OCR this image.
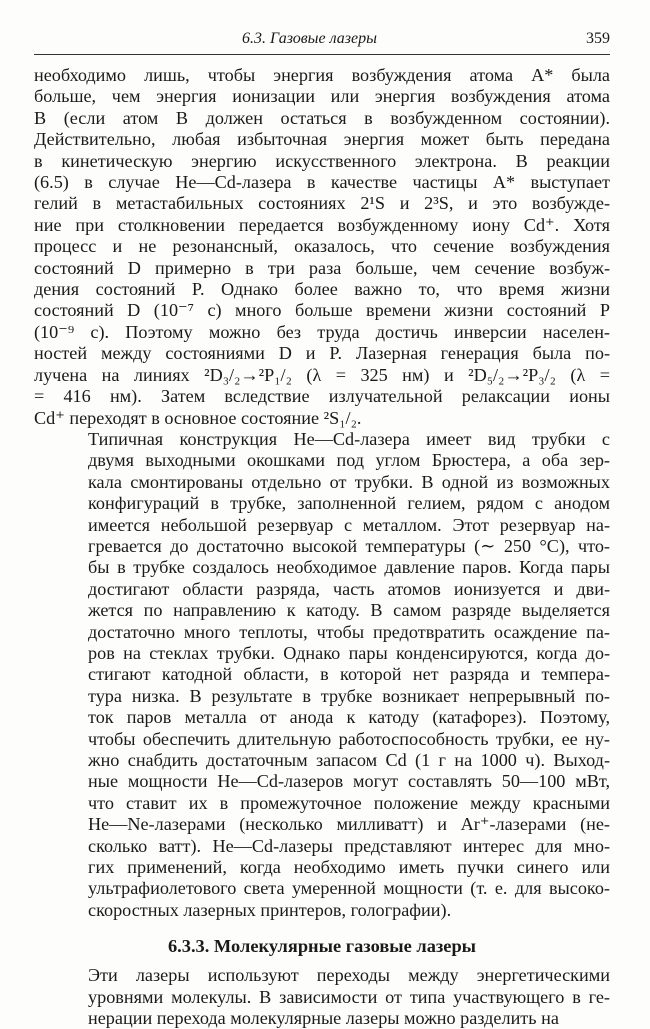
6.3. Газовые лазеры	359
необходимо лишь, чтобы энергия возбуждения атома A* была
больше, чем энергия ионизации или энергия возбуждения атома
B (если атом B должен остаться в возбужденном состоянии).
Действительно, любая избыточная энергия может быть передана
в кинетическую энергию искусственного электрона. В реакции
(6.5) в случае He—Cd-лазера в качестве частицы A* выступает
гелий в метастабильных состояниях 2¹S и 2³S, и это возбужде-
ние при столкновении передается возбужденному иону Cd⁺. Хотя
процесс и не резонансный, оказалось, что сечение возбуждения
состояний D примерно в три раза больше, чем сечение возбуж-
дения состояний P. Однако более важно то, что время жизни
состояний D (10⁻⁷ с) много больше времени жизни состояний P
(10⁻⁹ с). Поэтому можно без труда достичь инверсии населен-
ностей между состояниями D и P. Лазерная генерация была по-
лучена на линиях ²D₃/₂→²P₁/₂ (λ = 325 нм) и ²D₅/₂→²P₃/₂ (λ =
= 416 нм). Затем вследствие излучательной релаксации ионы
Cd⁺ переходят в основное состояние ²S₁/₂.
Типичная конструкция He—Cd-лазера имеет вид трубки с
двумя выходными окошками под углом Брюстера, а оба зер-
кала смонтированы отдельно от трубки. В одной из возможных
конфигураций в трубке, заполненной гелием, рядом с анодом
имеется небольшой резервуар с металлом. Этот резервуар на-
гревается до достаточно высокой температуры (∼ 250 °C), что-
бы в трубке создалось необходимое давление паров. Когда пары
достигают области разряда, часть атомов ионизуется и дви-
жется по направлению к катоду. В самом разряде выделяется
достаточно много теплоты, чтобы предотвратить осаждение па-
ров на стеклах трубки. Однако пары конденсируются, когда до-
стигают катодной области, в которой нет разряда и темпера-
тура низка. В результате в трубке возникает непрерывный по-
ток паров металла от анода к катоду (катафорез). Поэтому,
чтобы обеспечить длительную работоспособность трубки, ее ну-
жно снабдить достаточным запасом Cd (1 г на 1000 ч). Выход-
ные мощности He—Cd-лазеров могут составлять 50—100 мВт,
что ставит их в промежуточное положение между красными
He—Ne-лазерами (несколько милливатт) и Ar⁺-лазерами (не-
сколько ватт). He—Cd-лазеры представляют интерес для мно-
гих применений, когда необходимо иметь пучки синего или
ультрафиолетового света умеренной мощности (т. е. для высоко-
скоростных лазерных принтеров, голографии).
6.3.3. Молекулярные газовые лазеры
Эти лазеры используют переходы между энергетическими
уровнями молекулы. В зависимости от типа участвующего в ге-
нерации перехода молекулярные лазеры можно разделить на
